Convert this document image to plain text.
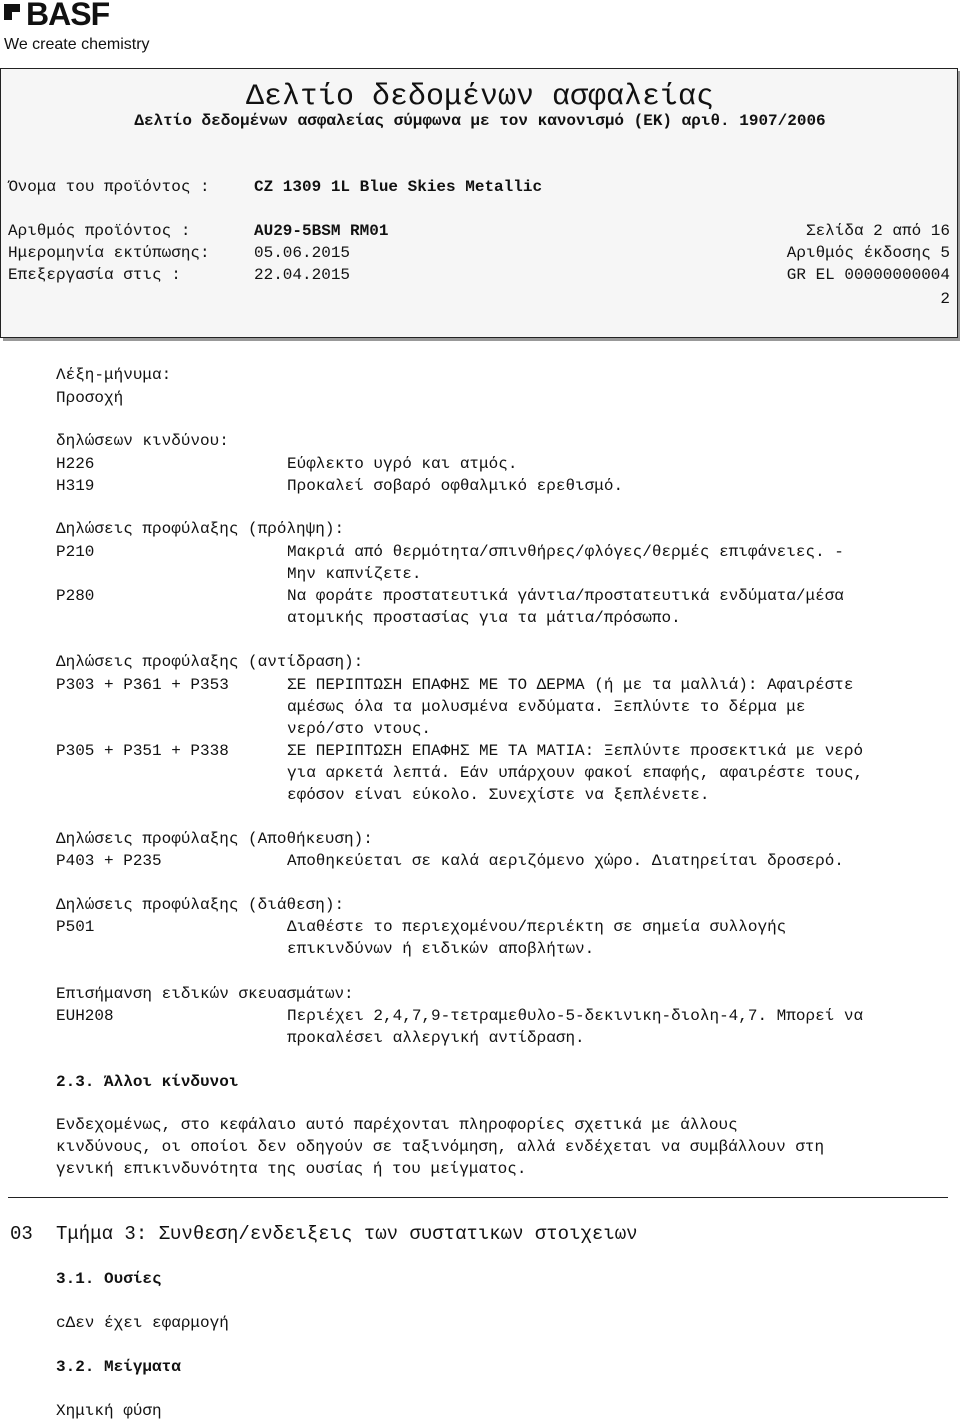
BASF
We create chemistry
Δελτίο δεδομένων ασφαλείας
Δελτίο δεδομένων ασφαλείας σύμφωνα με τον κανονισμό (ΕΚ) αριθ. 1907/2006
Όνομα του προϊόντος :	CZ 1309 1L Blue Skies Metallic
Αριθμός προϊόντος :	AU29-5BSM RM01	Σελίδα 2 από 16
Ημερομηνία εκτύπωσης:	05.06.2015	Αριθμός έκδοσης 5
Επεξεργασία στις :	22.04.2015	GR EL 00000000004
2
Λέξη-μήνυμα:
Προσοχή
δηλώσεων κινδύνου:
H226	Εύφλεκτο υγρό και ατμός.
H319	Προκαλεί σοβαρό οφθαλμικό ερεθισμό.
Δηλώσεις προφύλαξης (πρόληψη):
P210	Μακριά από θερμότητα/σπινθήρες/φλόγες/θερμές επιφάνειες. -
Μην καπνίζετε.
P280	Να φοράτε προστατευτικά γάντια/προστατευτικά ενδύματα/μέσα
ατομικής προστασίας για τα μάτια/πρόσωπο.
Δηλώσεις προφύλαξης (αντίδραση):
P303 + P361 + P353	ΣΕ ΠΕΡΙΠΤΩΣΗ ΕΠΑΦΗΣ ΜΕ ΤΟ ΔΕΡΜΑ (ή με τα μαλλιά): Αφαιρέστε
αμέσως όλα τα μολυσμένα ενδύματα. Ξεπλύντε το δέρμα με
νερό/στο ντους.
P305 + P351 + P338	ΣΕ ΠΕΡΙΠΤΩΣΗ ΕΠΑΦΗΣ ΜΕ ΤΑ ΜΑΤΙΑ: Ξεπλύντε προσεκτικά με νερό
για αρκετά λεπτά. Εάν υπάρχουν φακοί επαφής, αφαιρέστε τους,
εφόσον είναι εύκολο. Συνεχίστε να ξεπλένετε.
Δηλώσεις προφύλαξης (Αποθήκευση):
P403 + P235	Αποθηκεύεται σε καλά αεριζόμενο χώρο. Διατηρείται δροσερό.
Δηλώσεις προφύλαξης (διάθεση):
P501	Διαθέστε το περιεχομένου/περιέκτη σε σημεία συλλογής
επικινδύνων ή ειδικών αποβλήτων.
Επισήμανση ειδικών σκευασμάτων:
EUH208	Περιέχει 2,4,7,9-τετραμεθυλο-5-δεκινικη-διολη-4,7. Μπορεί να
προκαλέσει αλλεργική αντίδραση.
2.3. Άλλοι κίνδυνοι
Ενδεχομένως, στο κεφάλαιο αυτό παρέχονται πληροφορίες σχετικά με άλλους
κινδύνους, οι οποίοι δεν οδηγούν σε ταξινόμηση, αλλά ενδέχεται να συμβάλλουν στη
γενική επικινδυνότητα της ουσίας ή του μείγματος.
03 Τμήμα 3: Συνθεση/ενδειξεις των συστατικων στοιχειων
3.1. Ουσίες
cΔεν έχει εφαρμογή
3.2. Μείγματα
Χημική φύση
